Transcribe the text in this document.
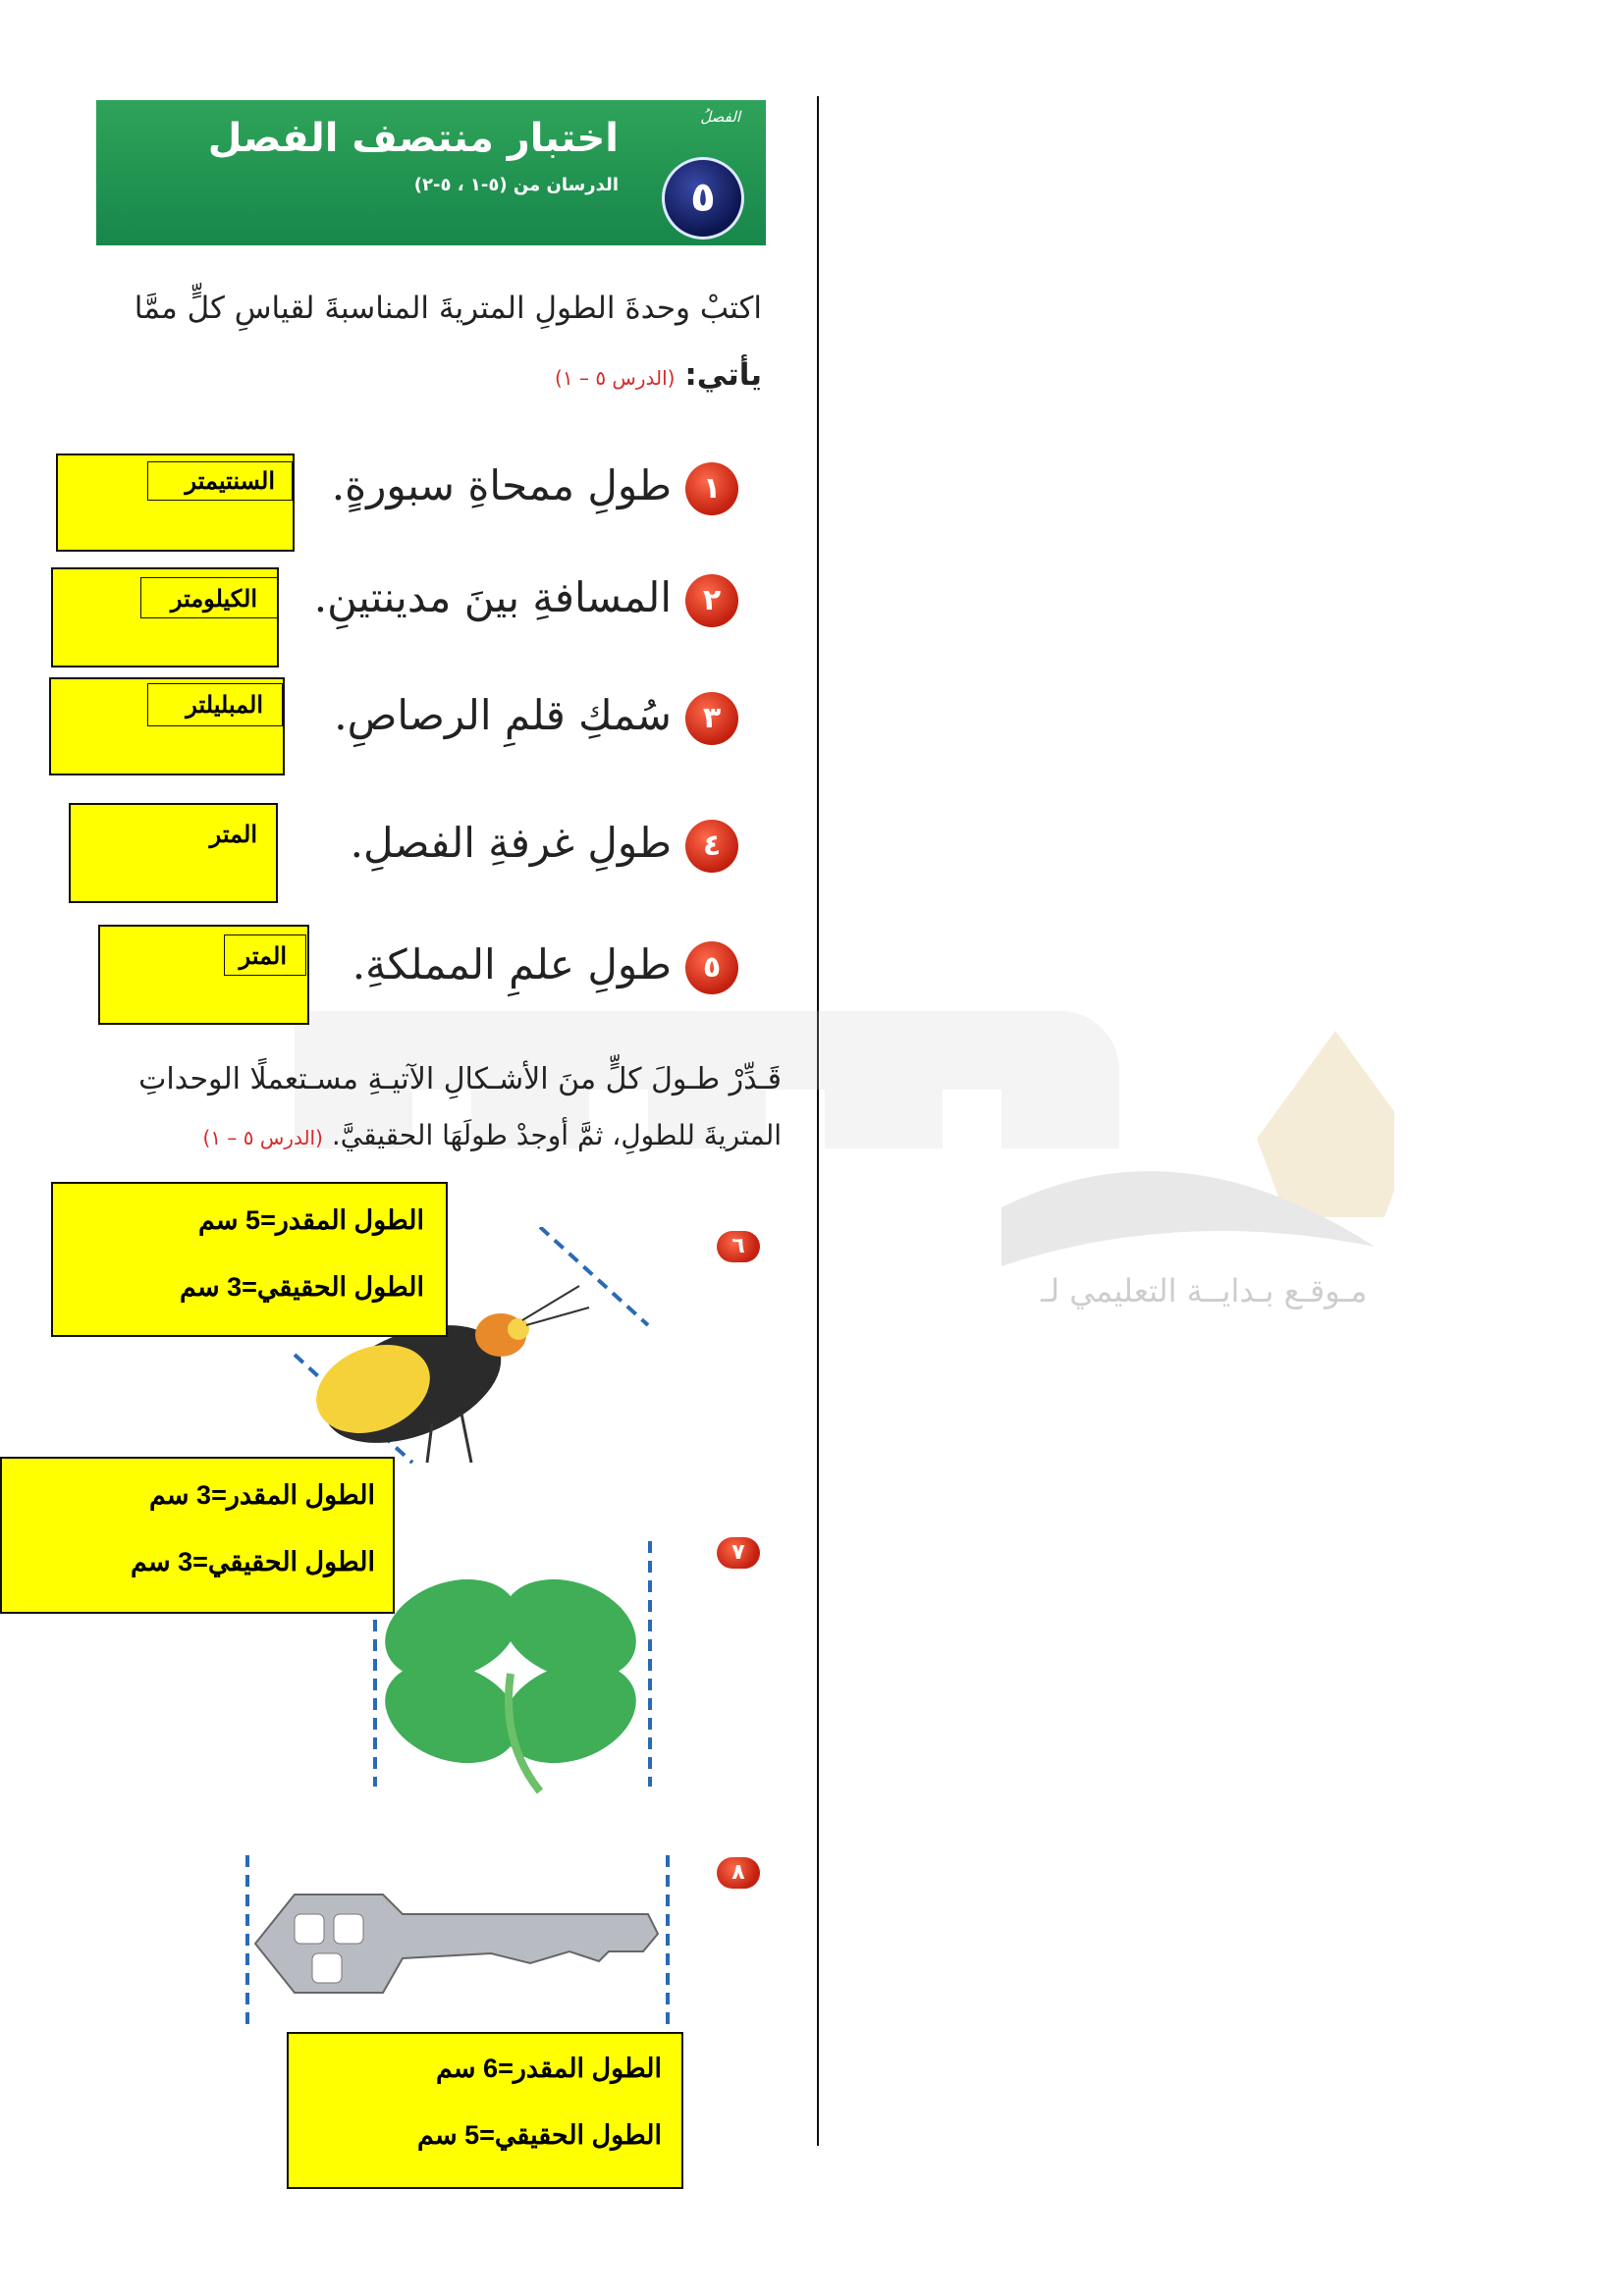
مـوقـع بـدايــة التعليمي لـ
اختبار منتصف الفصل
الدرسان من (٥-١ ، ٥-٢)
الفصلُ
٥
اكتبْ وحدةَ الطولِ المتريةَ المناسبةَ لقياسِ كلٍّ ممَّا
يأتي: (الدرس ٥ – ١)
١طولِ ممحاةِ سبورةٍ.
السنتيمتر
٢المسافةِ بينَ مدينتينِ.
الكيلومتر
٣سُمكِ قلمِ الرصاصِ.
المبليلتر
٤طولِ غرفةِ الفصلِ.
المتر
٥طولِ علمِ المملكةِ.
المتر
قَـدِّرْ طـولَ كلٍّ منَ الأشـكالِ الآتيـةِ مسـتعملًا الوحداتِ
المتريةَ للطولِ، ثمَّ أوجدْ طولَهَا الحقيقيَّ. (الدرس ٥ – ١)
٦
الطول المقدر=5 سم
الطول الحقيقي=3 سم
٧
الطول المقدر=3 سم
الطول الحقيقي=3 سم
٨
الطول المقدر=6 سم
الطول الحقيقي=5 سم
